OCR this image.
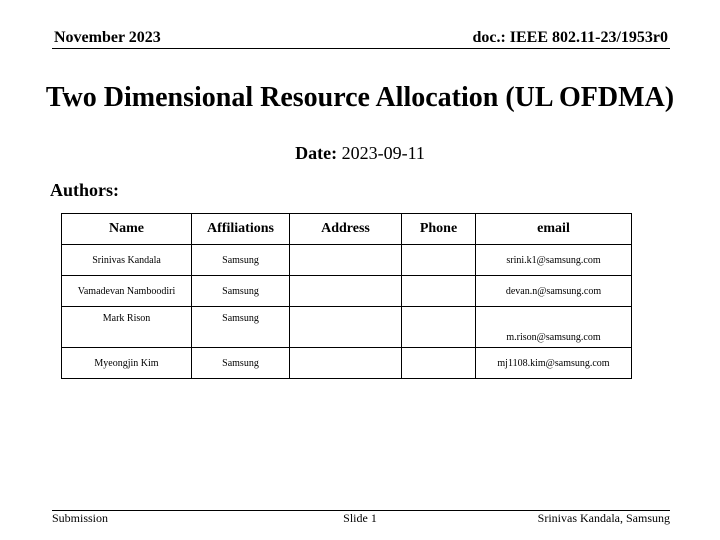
November 2023	doc.: IEEE 802.11-23/1953r0
Two Dimensional Resource Allocation (UL OFDMA)
Date: 2023-09-11
Authors:
Name	Affiliations	Address	Phone	email
Srinivas Kandala	Samsung			srini.k1@samsung.com
Vamadevan Namboodiri	Samsung			devan.n@samsung.com
Mark Rison	Samsung			m.rison@samsung.com
Myeongjin Kim	Samsung			mj1108.kim@samsung.com
Submission	Slide 1	Srinivas Kandala, Samsung
